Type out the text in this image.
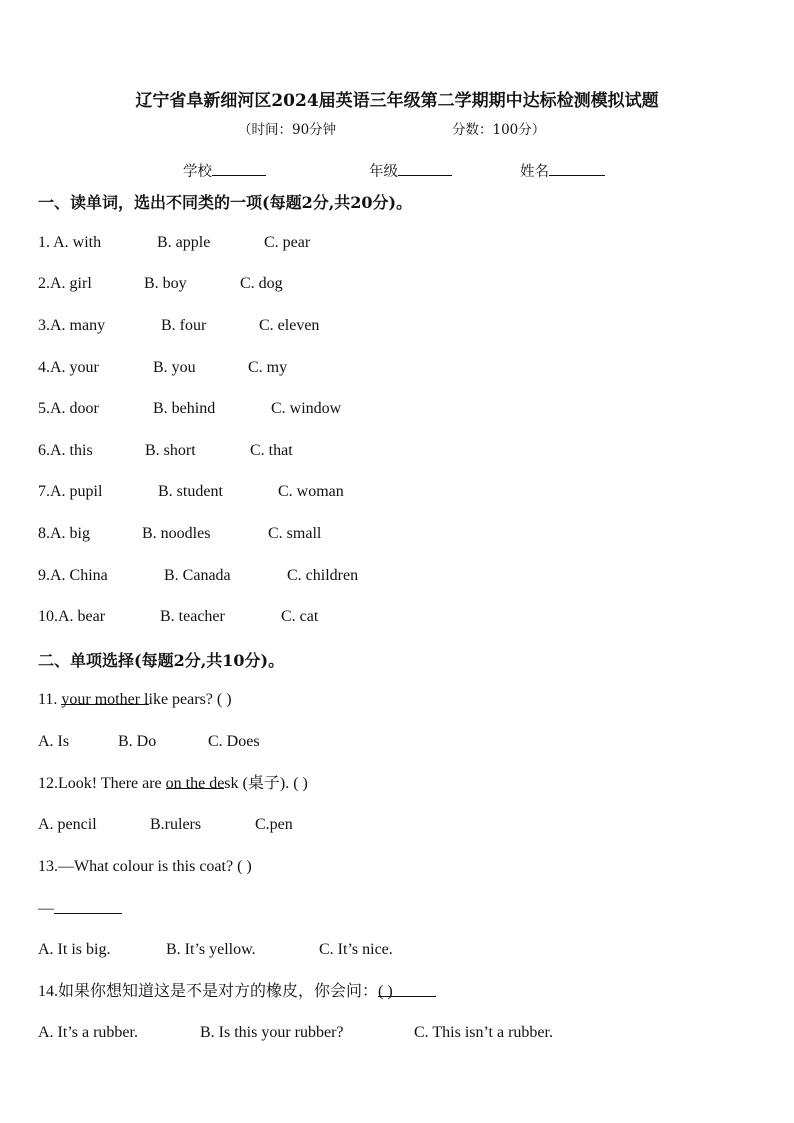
辽宁省阜新细河区2024届英语三年级第二学期期中达标检测模拟试题
（时间：90分钟	分数：100分）
学校	年级	姓名
一、读单词，选出不同类的一项(每题2分,共20分)。
1. A. with	B. apple	C. pear
2.A. girl	B. boy	C. dog
3.A. many	B. four	C. eleven
4.A. your	B. you	C. my
5.A. door	B. behind	C. window
6.A. this	B. short	C. that
7.A. pupil	B. student	C. woman
8.A. big	B. noodles	C. small
9.A. China	B. Canada	C. children
10.A. bear	B. teacher	C. cat
二、单项选择(每题2分,共10分)。
11.
your mother like pears? ( )
A. Is	B. Do	C. Does
12.Look! There are
on the desk (桌子). ( )
A. pencil	B.rulers	C.pen
13.—What colour is this coat? ( )
—
A. It is big.	B. It’s yellow.	C. It’s nice.
14.如果你想知道这是不是对方的橡皮，你会问：
( )
A. It’s a rubber.	B. Is this your rubber?	C. This isn’t a rubber.
